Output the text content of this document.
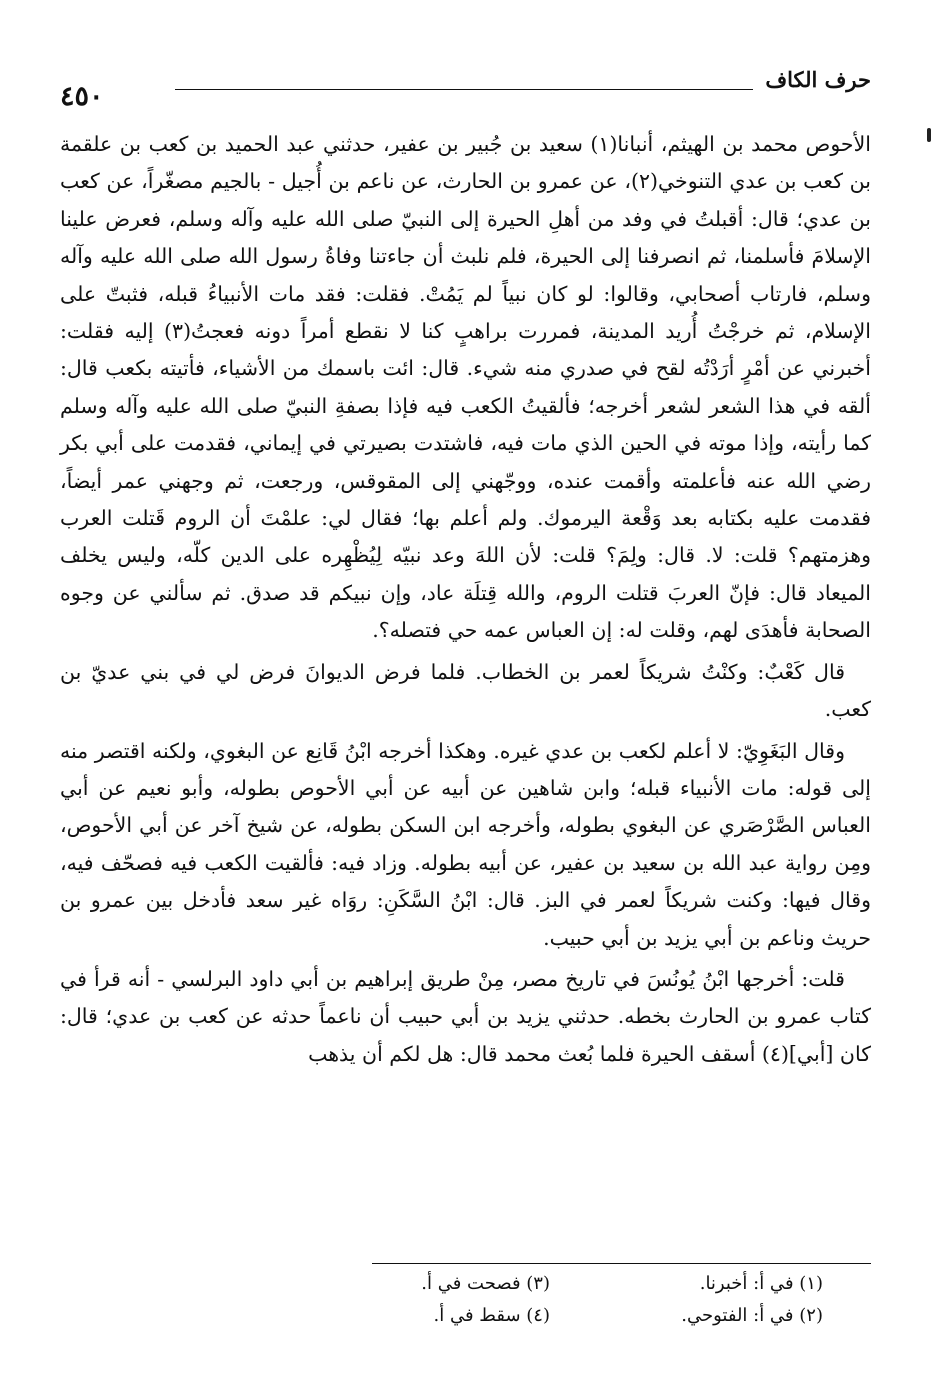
حرف الكاف
٤٥٠

الأحوص محمد بن الهيثم، أنبانا(١) سعيد بن جُبير بن عفير، حدثني عبد الحميد بن كعب بن علقمة بن كعب بن عدي التنوخي(٢)، عن عمرو بن الحارث، عن ناعم بن أُجيل - بالجيم مصغّراً، عن كعب بن عدي؛ قال: أقبلتُ في وفد من أهلِ الحيرة إلى النبيّ صلى الله عليه وآله وسلم، فعرض علينا الإسلامَ فأسلمنا، ثم انصرفنا إلى الحيرة، فلم نلبث أن جاءتنا وفاةُ رسول الله صلى الله عليه وآله وسلم، فارتاب أصحابي، وقالوا: لو كان نبياً لم يَمُتْ. فقلت: فقد مات الأنبياءُ قبله، فثبتّ على الإسلام، ثم خرجْتُ أُريد المدينة، فمررت براهبٍ كنا لا نقطع أمراً دونه فعجتُ(٣) إليه فقلت: أخبرني عن أمْرٍ أرَدْتُه لقح في صدري منه شيء. قال: ائت باسمك من الأشياء، فأتيته بكعب قال: ألقه في هذا الشعر لشعر أخرجه؛ فألقيتُ الكعب فيه فإذا بصفةِ النبيّ صلى الله عليه وآله وسلم كما رأيته، وإذا موته في الحين الذي مات فيه، فاشتدت بصيرتي في إيماني، فقدمت على أبي بكر رضي الله عنه فأعلمته وأقمت عنده، ووجّهني إلى المقوقس، ورجعت، ثم وجهني عمر أيضاً، فقدمت عليه بكتابه بعد وَقْعة اليرموك. ولم أعلم بها؛ فقال لي: علمْتَ أن الروم قَتلت العرب وهزمتهم؟ قلت: لا. قال: ولِمَ؟ قلت: لأن اللهَ وعد نبيّه لِيُظْهِره على الدين كلّه، وليس يخلف الميعاد قال: فإنّ العربَ قتلت الروم، والله قِتلَة عاد، وإن نبيكم قد صدق. ثم سألني عن وجوه الصحابة فأهدَى لهم، وقلت له: إن العباس عمه حي فتصله؟.

قال كَعْبٌ: وكنْتُ شريكاً لعمر بن الخطاب. فلما فرض الديوانَ فرض لي في بني عديّ بن كعب.

وقال البَغَوِيّ: لا أعلم لكعب بن عدي غيره. وهكذا أخرجه ابْنُ قَانِع عن البغوي، ولكنه اقتصر منه إلى قوله: مات الأنبياء قبله؛ وابن شاهين عن أبيه عن أبي الأحوص بطوله، وأبو نعيم عن أبي العباس الصَّرْصَري عن البغوي بطوله، وأخرجه ابن السكن بطوله، عن شيخ آخر عن أبي الأحوص، ومِن رواية عبد الله بن سعيد بن عفير، عن أبيه بطوله. وزاد فيه: فألقيت الكعب فيه فصحّف فيه، وقال فيها: وكنت شريكاً لعمر في البز. قال: ابْنُ السَّكَنِ: روَاه غير سعد فأدخل بين عمرو بن حريث وناعم بن أبي يزيد بن أبي حبيب.

قلت: أخرجها ابْنُ يُونُسَ في تاريخ مصر، مِنْ طريق إبراهيم بن أبي داود البرلسي - أنه قرأ في كتاب عمرو بن الحارث بخطه. حدثني يزيد بن أبي حبيب أن ناعماً حدثه عن كعب بن عدي؛ قال: كان [أبي](٤) أسقف الحيرة فلما بُعث محمد قال: هل لكم أن يذهب

(١) في أ: أخبرنا.
(٢) في أ: الفتوحي.
(٣) فصحت في أ.
(٤) سقط في أ.
